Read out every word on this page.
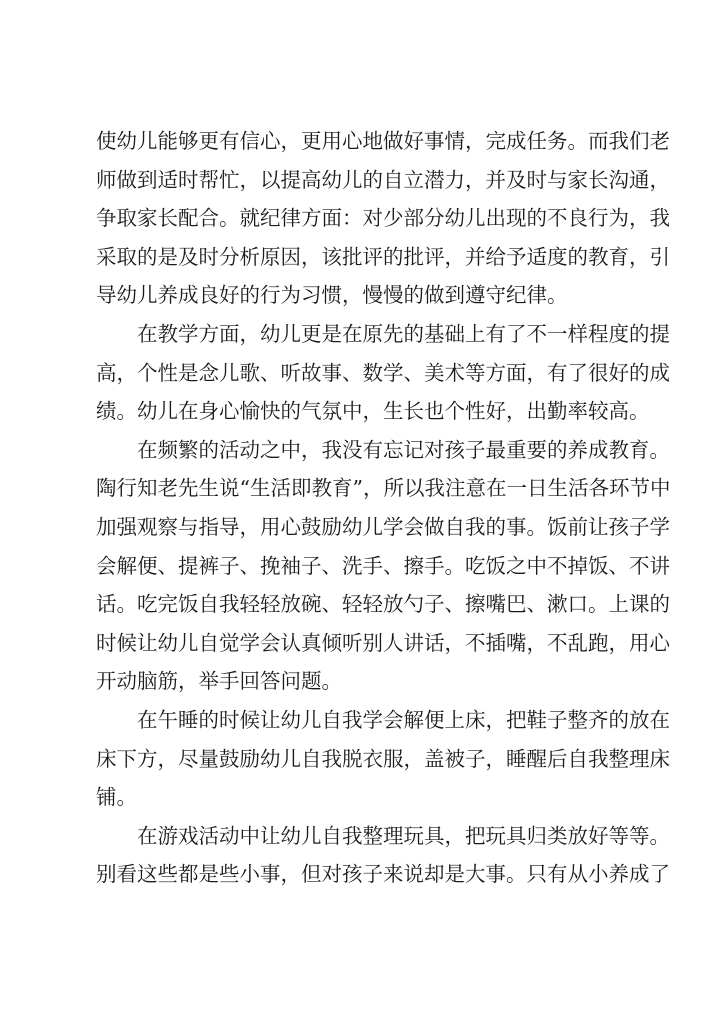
使幼儿能够更有信心，更用心地做好事情，完成任务。而我们老
师做到适时帮忙，以提高幼儿的自立潜力，并及时与家长沟通，
争取家长配合。就纪律方面：对少部分幼儿出现的不良行为，我
采取的是及时分析原因，该批评的批评，并给予适度的教育，引
导幼儿养成良好的行为习惯，慢慢的做到遵守纪律。
在教学方面，幼儿更是在原先的基础上有了不一样程度的提
高，个性是念儿歌、听故事、数学、美术等方面，有了很好的成
绩。幼儿在身心愉快的气氛中，生长也个性好，出勤率较高。
在频繁的活动之中，我没有忘记对孩子最重要的养成教育。
陶行知老先生说“生活即教育”，所以我注意在一日生活各环节中
加强观察与指导，用心鼓励幼儿学会做自我的事。饭前让孩子学
会解便、提裤子、挽袖子、洗手、擦手。吃饭之中不掉饭、不讲
话。吃完饭自我轻轻放碗、轻轻放勺子、擦嘴巴、漱口。上课的
时候让幼儿自觉学会认真倾听别人讲话，不插嘴，不乱跑，用心
开动脑筋，举手回答问题。
在午睡的时候让幼儿自我学会解便上床，把鞋子整齐的放在
床下方，尽量鼓励幼儿自我脱衣服，盖被子，睡醒后自我整理床
铺。
在游戏活动中让幼儿自我整理玩具，把玩具归类放好等等。
别看这些都是些小事，但对孩子来说却是大事。只有从小养成了
